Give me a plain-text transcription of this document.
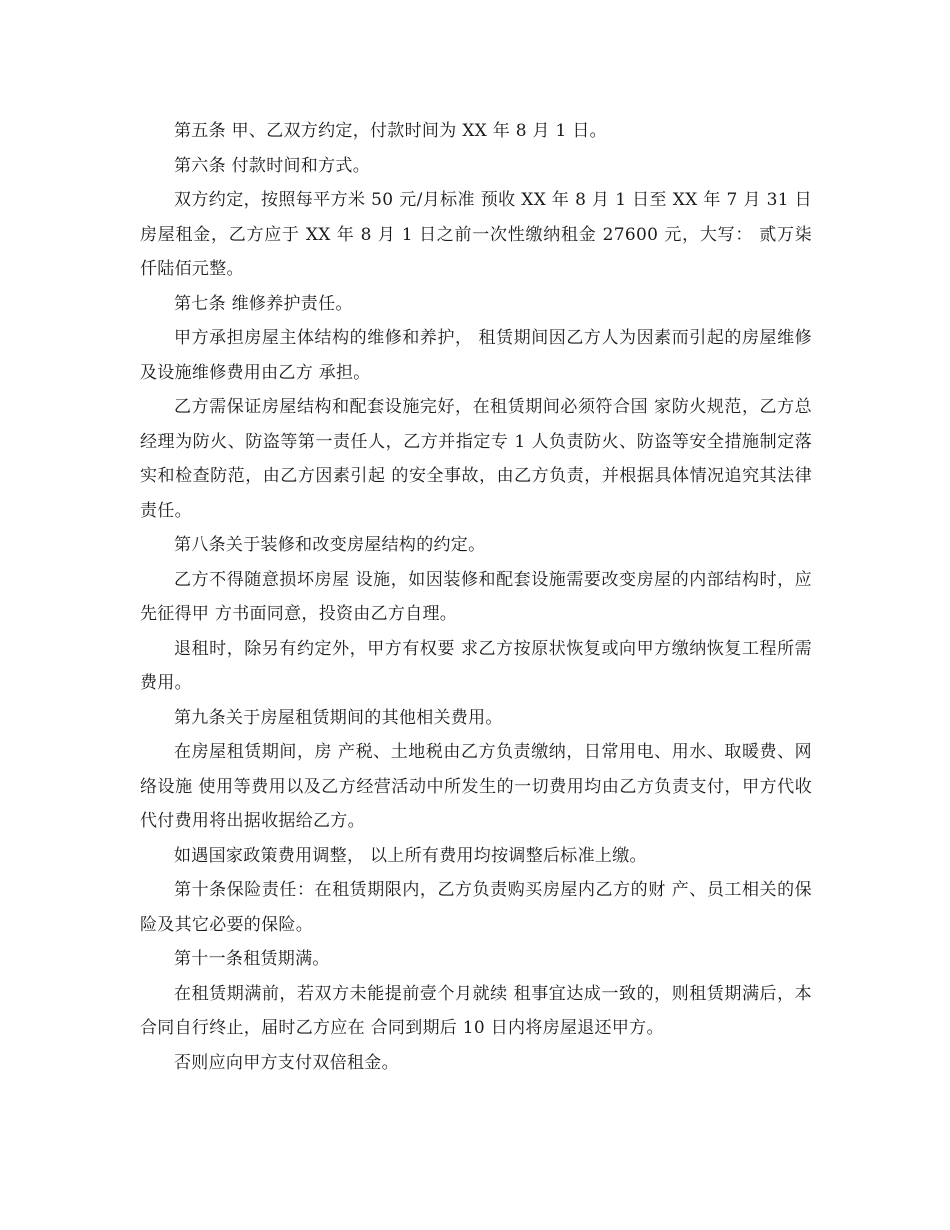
第五条 甲、乙双方约定，付款时间为 XX 年 8 月 1 日。

第六条 付款时间和方式。

双方约定，按照每平方米 50 元/月标准 预收 XX 年 8 月 1 日至 XX 年 7 月 31 日房屋租金，乙方应于 XX 年 8 月 1 日之前一次性缴纳租金 27600 元，大写： 贰万柒仟陆佰元整。

第七条 维修养护责任。

甲方承担房屋主体结构的维修和养护， 租赁期间因乙方人为因素而引起的房屋维修及设施维修费用由乙方 承担。

乙方需保证房屋结构和配套设施完好，在租赁期间必须符合国 家防火规范，乙方总经理为防火、防盗等第一责任人，乙方并指定专 1 人负责防火、防盗等安全措施制定落实和检查防范，由乙方因素引起 的安全事故，由乙方负责，并根据具体情况追究其法律责任。

第八条关于装修和改变房屋结构的约定。

乙方不得随意损坏房屋 设施，如因装修和配套设施需要改变房屋的内部结构时，应先征得甲 方书面同意，投资由乙方自理。

退租时，除另有约定外，甲方有权要 求乙方按原状恢复或向甲方缴纳恢复工程所需费用。

第九条关于房屋租赁期间的其他相关费用。

在房屋租赁期间，房 产税、土地税由乙方负责缴纳，日常用电、用水、取暖费、网络设施 使用等费用以及乙方经营活动中所发生的一切费用均由乙方负责支付，甲方代收代付费用将出据收据给乙方。

如遇国家政策费用调整， 以上所有费用均按调整后标准上缴。

第十条保险责任：在租赁期限内，乙方负责购买房屋内乙方的财 产、员工相关的保险及其它必要的保险。

第十一条租赁期满。

在租赁期满前，若双方未能提前壹个月就续 租事宜达成一致的，则租赁期满后，本合同自行终止，届时乙方应在 合同到期后 10 日内将房屋退还甲方。

否则应向甲方支付双倍租金。
